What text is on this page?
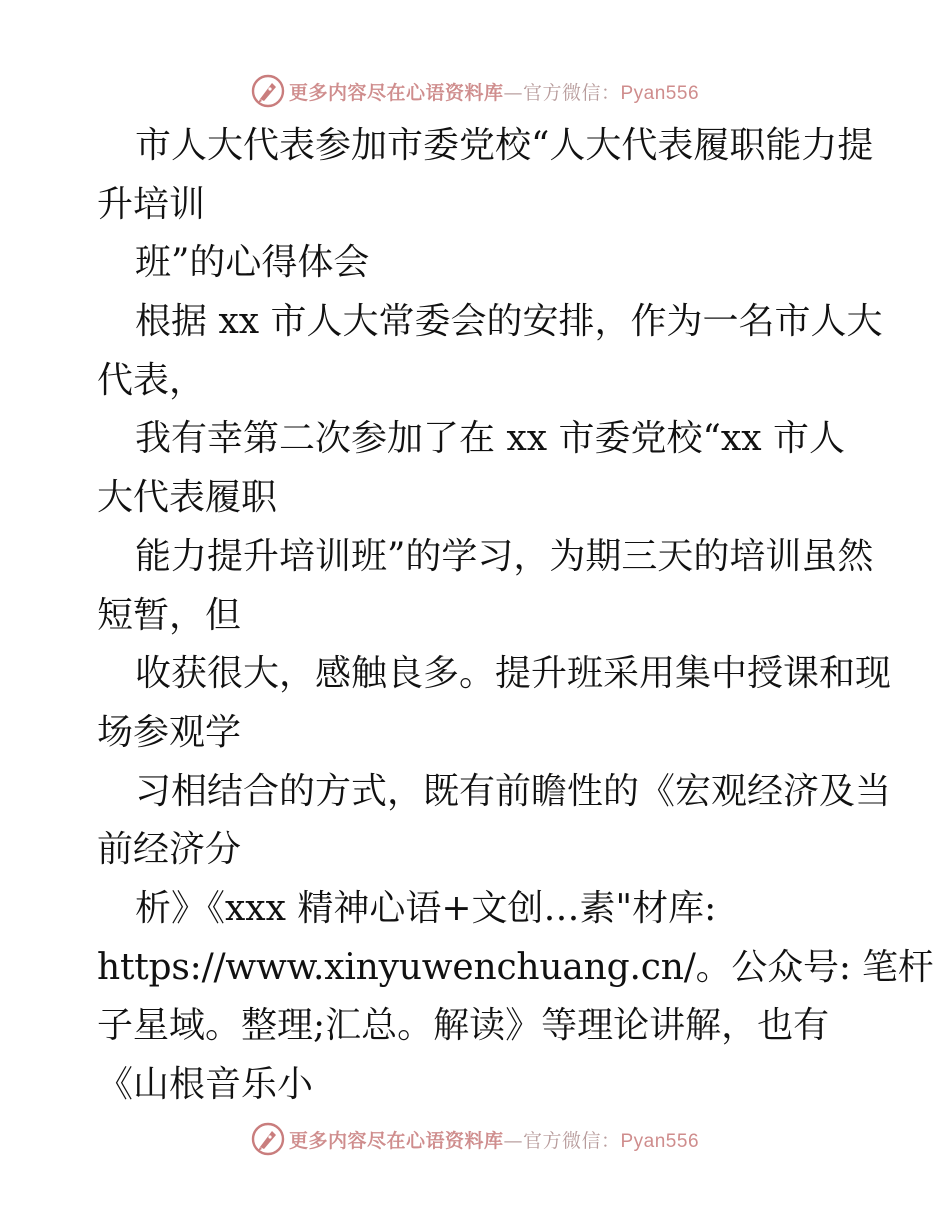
更多内容尽在心语资料库—官方微信：Pyan556
市人大代表参加市委党校“人大代表履职能力提
升培训
班”的心得体会
根据 xx 市人大常委会的安排，作为一名市人大
代表，
我有幸第二次参加了在 xx 市委党校“xx 市人
大代表履职
能力提升培训班”的学习，为期三天的培训虽然
短暂，但
收获很大，感触良多。提升班采用集中授课和现
场参观学
习相结合的方式，既有前瞻性的《宏观经济及当
前经济分
析》《xxx 精神心语+文创…素"材库:
https://www.xinyuwenchuang.cn/。公众号: 笔杆
子星域。整理;汇总。解读》等理论讲解，也有
《山根音乐小
更多内容尽在心语资料库—官方微信：Pyan556
